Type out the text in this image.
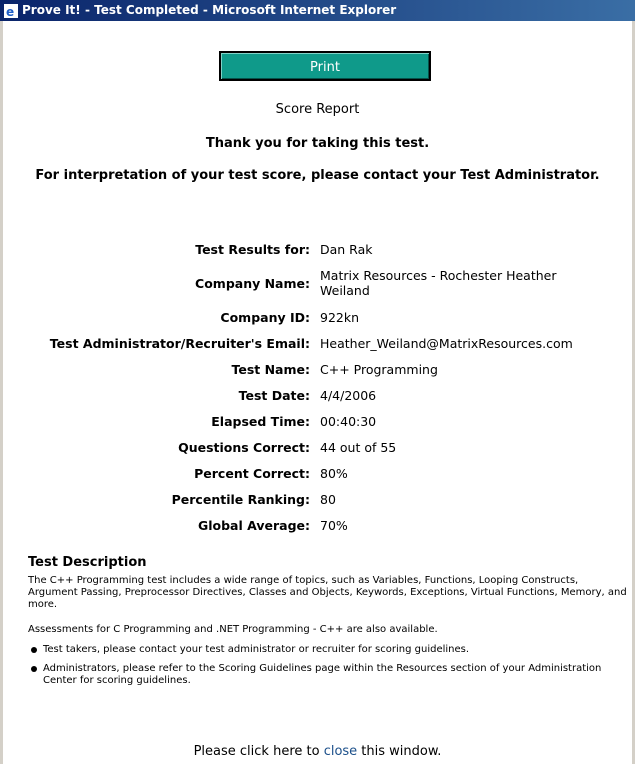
e Prove It! - Test Completed - Microsoft Internet Explorer
Print
Score Report
Thank you for taking this test.
For interpretation of your test score, please contact your Test Administrator.
Test Results for: Dan Rak
Company Name:
Matrix Resources - Rochester Heather Weiland
Company ID: 922kn
Test Administrator/Recruiter's Email: Heather_Weiland@MatrixResources.com
Test Name: C++ Programming
Test Date: 4/4/2006
Elapsed Time: 00:40:30
Questions Correct: 44 out of 55
Percent Correct: 80%
Percentile Ranking: 80
Global Average: 70%
Test Description
The C++ Programming test includes a wide range of topics, such as Variables, Functions, Looping Constructs, Argument Passing, Preprocessor Directives, Classes and Objects, Keywords, Exceptions, Virtual Functions, Memory, and more.
Assessments for C Programming and .NET Programming - C++ are also available.
Test takers, please contact your test administrator or recruiter for scoring guidelines.
Administrators, please refer to the Scoring Guidelines page within the Resources section of your Administration Center for scoring guidelines.
Please click here to close this window.
